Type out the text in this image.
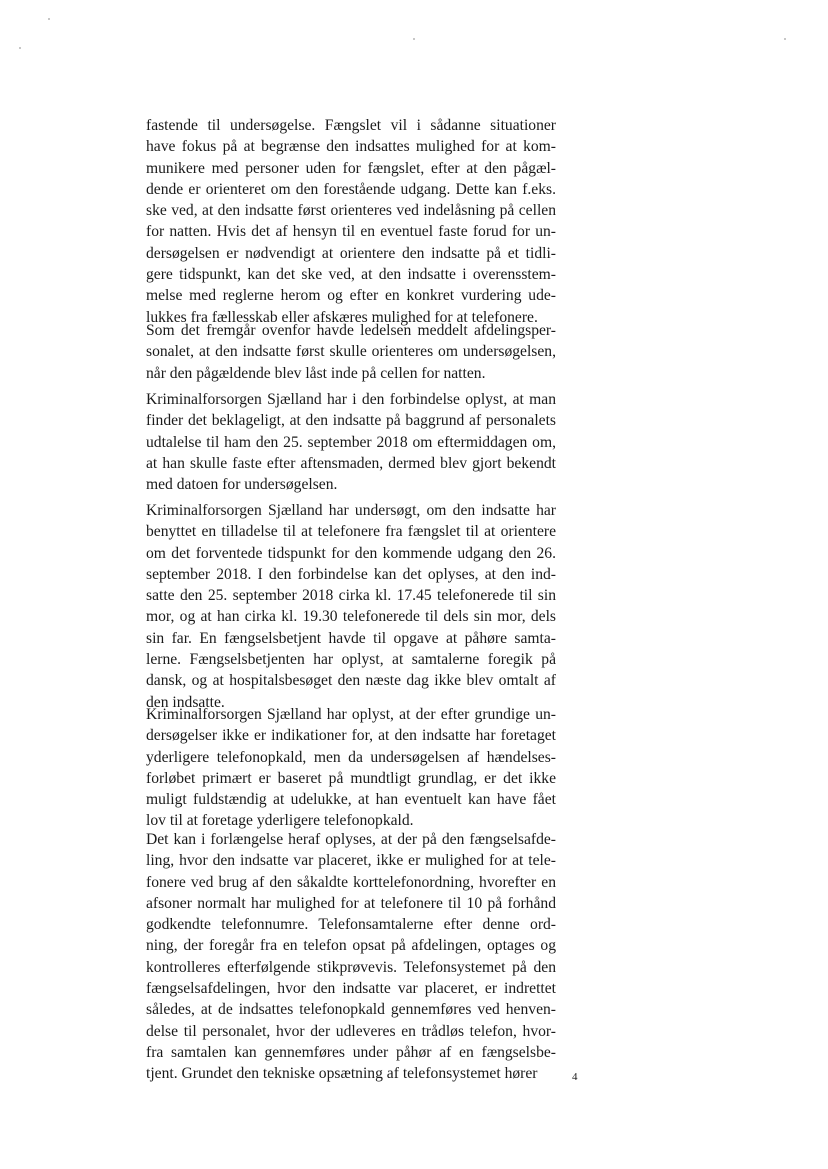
fastende til undersøgelse. Fængslet vil i sådanne situationer
have fokus på at begrænse den indsattes mulighed for at kom-
munikere med personer uden for fængslet, efter at den pågæl-
dende er orienteret om den forestående udgang. Dette kan f.eks.
ske ved, at den indsatte først orienteres ved indelåsning på cellen
for natten. Hvis det af hensyn til en eventuel faste forud for un-
dersøgelsen er nødvendigt at orientere den indsatte på et tidli-
gere tidspunkt, kan det ske ved, at den indsatte i overensstem-
melse med reglerne herom og efter en konkret vurdering ude-
lukkes fra fællesskab eller afskæres mulighed for at telefonere.
Som det fremgår ovenfor havde ledelsen meddelt afdelingsper-
sonalet, at den indsatte først skulle orienteres om undersøgelsen,
når den pågældende blev låst inde på cellen for natten.
Kriminalforsorgen Sjælland har i den forbindelse oplyst, at man
finder det beklageligt, at den indsatte på baggrund af personalets
udtalelse til ham den 25. september 2018 om eftermiddagen om,
at han skulle faste efter aftensmaden, dermed blev gjort bekendt
med datoen for undersøgelsen.
Kriminalforsorgen Sjælland har undersøgt, om den indsatte har
benyttet en tilladelse til at telefonere fra fængslet til at orientere
om det forventede tidspunkt for den kommende udgang den 26.
september 2018. I den forbindelse kan det oplyses, at den ind-
satte den 25. september 2018 cirka kl. 17.45 telefonerede til sin
mor, og at han cirka kl. 19.30 telefonerede til dels sin mor, dels
sin far. En fængselsbetjent havde til opgave at påhøre samta-
lerne. Fængselsbetjenten har oplyst, at samtalerne foregik på
dansk, og at hospitalsbesøget den næste dag ikke blev omtalt af
den indsatte.
Kriminalforsorgen Sjælland har oplyst, at der efter grundige un-
dersøgelser ikke er indikationer for, at den indsatte har foretaget
yderligere telefonopkald, men da undersøgelsen af hændelses-
forløbet primært er baseret på mundtligt grundlag, er det ikke
muligt fuldstændig at udelukke, at han eventuelt kan have fået
lov til at foretage yderligere telefonopkald.
Det kan i forlængelse heraf oplyses, at der på den fængselsafde-
ling, hvor den indsatte var placeret, ikke er mulighed for at tele-
fonere ved brug af den såkaldte korttelefonordning, hvorefter en
afsoner normalt har mulighed for at telefonere til 10 på forhånd
godkendte telefonnumre. Telefonsamtalerne efter denne ord-
ning, der foregår fra en telefon opsat på afdelingen, optages og
kontrolleres efterfølgende stikprøvevis. Telefonsystemet på den
fængselsafdelingen, hvor den indsatte var placeret, er indrettet
således, at de indsattes telefonopkald gennemføres ved henven-
delse til personalet, hvor der udleveres en trådløs telefon, hvor-
fra samtalen kan gennemføres under påhør af en fængselsbe-
tjent. Grundet den tekniske opsætning af telefonsystemet hører	4
